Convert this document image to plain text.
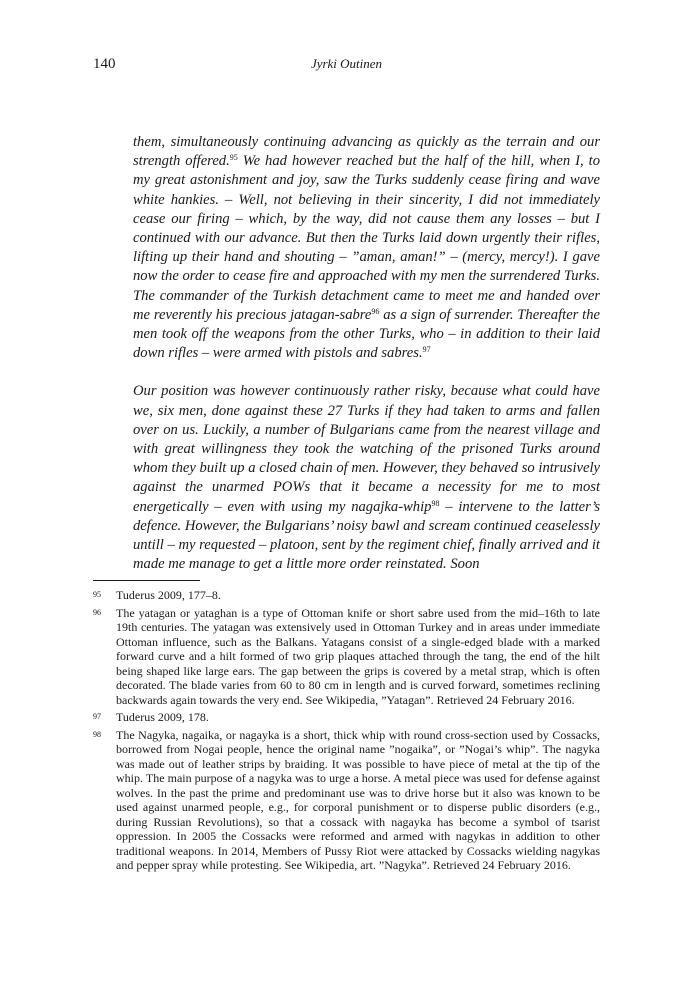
140	Jyrki Outinen

them, simultaneously continuing advancing as quickly as the terrain and our strength offered.$^{95}$ We had however reached but the half of the hill, when I, to my great astonishment and joy, saw the Turks suddenly cease firing and wave white hankies. – Well, not believing in their sincerity, I did not immediately cease our firing – which, by the way, did not cause them any losses – but I continued with our advance. But then the Turks laid down urgently their rifles, lifting up their hand and shouting – ”aman, aman!” – (mercy, mercy!). I gave now the order to cease fire and approached with my men the surrendered Turks. The commander of the Turkish detachment came to meet me and handed over me reverently his precious jatagan-sabre$^{96}$ as a sign of surrender. Thereafter the men took off the weapons from the other Turks, who – in addition to their laid down rifles – were armed with pistols and sabres.$^{97}$

Our position was however continuously rather risky, because what could have we, six men, done against these 27 Turks if they had taken to arms and fallen over on us. Luckily, a number of Bulgarians came from the nearest village and with great willingness they took the watching of the prisoned Turks around whom they built up a closed chain of men. However, they behaved so intrusively against the unarmed POWs that it became a necessity for me to most energetically – even with using my nagajka-whip$^{98}$ – intervene to the latter’s defence. However, the Bulgarians’ noisy bawl and scream continued ceaselessly untill – my requested – platoon, sent by the regiment chief, finally arrived and it made me manage to get a little more order reinstated. Soon

95 Tuderus 2009, 177–8.
96 The yatagan or yataghan is a type of Ottoman knife or short sabre used from the mid–16th to late 19th centuries. The yatagan was extensively used in Ottoman Turkey and in areas under immediate Ottoman influence, such as the Balkans. Yatagans consist of a single-edged blade with a marked forward curve and a hilt formed of two grip plaques attached through the tang, the end of the hilt being shaped like large ears. The gap between the grips is covered by a metal strap, which is often decorated. The blade varies from 60 to 80 cm in length and is curved forward, sometimes reclining backwards again towards the very end. See Wikipedia, ”Yatagan”. Retrieved 24 February 2016.
97 Tuderus 2009, 178.
98 The Nagyka, nagaika, or nagayka is a short, thick whip with round cross-section used by Cossacks, borrowed from Nogai people, hence the original name ”nogaika”, or ”Nogai’s whip”. The nagyka was made out of leather strips by braiding. It was possible to have piece of metal at the tip of the whip. The main purpose of a nagyka was to urge a horse. A metal piece was used for defense against wolves. In the past the prime and predominant use was to drive horse but it also was known to be used against unarmed people, e.g., for corporal punishment or to disperse public disorders (e.g., during Russian Revolutions), so that a cossack with nagayka has become a symbol of tsarist oppression. In 2005 the Cossacks were reformed and armed with nagykas in addition to other traditional weapons. In 2014, Members of Pussy Riot were attacked by Cossacks wielding nagykas and pepper spray while protesting. See Wikipedia, art. ”Nagyka”. Retrieved 24 February 2016.
